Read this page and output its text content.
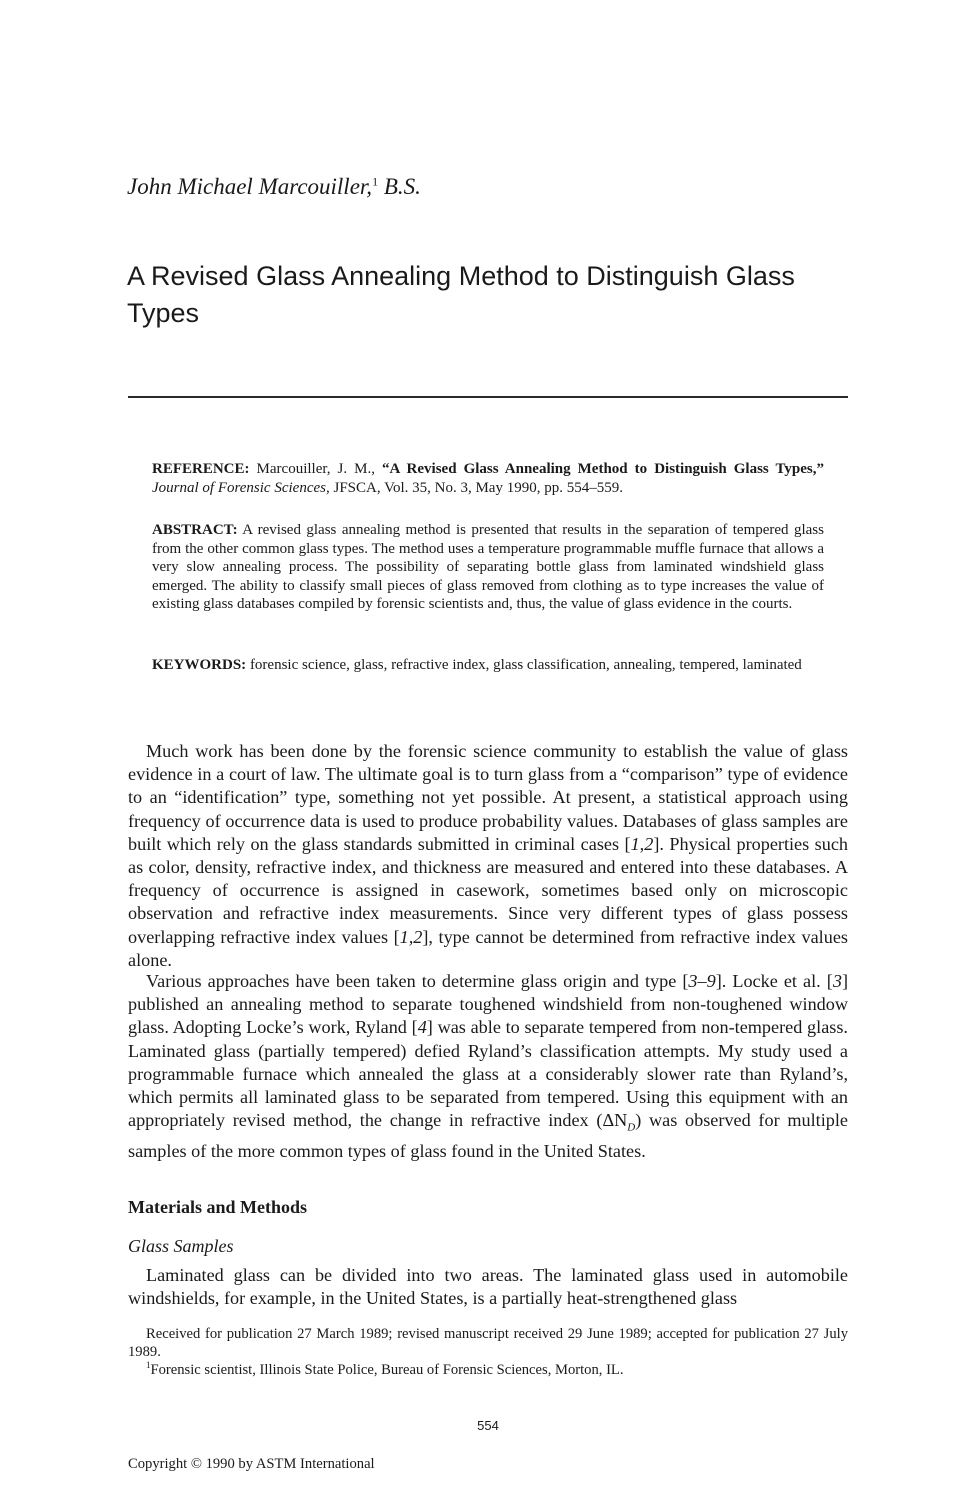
John Michael Marcouiller,$^1$ B.S.
A Revised Glass Annealing Method to Distinguish Glass Types
REFERENCE: Marcouiller, J. M., “A Revised Glass Annealing Method to Distinguish Glass Types,” Journal of Forensic Sciences, JFSCA, Vol. 35, No. 3, May 1990, pp. 554–559.
ABSTRACT: A revised glass annealing method is presented that results in the separation of tempered glass from the other common glass types. The method uses a temperature programmable muffle furnace that allows a very slow annealing process. The possibility of separating bottle glass from laminated windshield glass emerged. The ability to classify small pieces of glass removed from clothing as to type increases the value of existing glass databases compiled by forensic scientists and, thus, the value of glass evidence in the courts.
KEYWORDS: forensic science, glass, refractive index, glass classification, annealing, tempered, laminated

Much work has been done by the forensic science community to establish the value of glass evidence in a court of law. The ultimate goal is to turn glass from a “comparison” type of evidence to an “identification” type, something not yet possible. At present, a statistical approach using frequency of occurrence data is used to produce probability values. Databases of glass samples are built which rely on the glass standards submitted in criminal cases [1,2]. Physical properties such as color, density, refractive index, and thickness are measured and entered into these databases. A frequency of occurrence is assigned in casework, sometimes based only on microscopic observation and refractive index measurements. Since very different types of glass possess overlapping refractive index values [1,2], type cannot be determined from refractive index values alone.

Various approaches have been taken to determine glass origin and type [3–9]. Locke et al. [3] published an annealing method to separate toughened windshield from non-toughened window glass. Adopting Locke’s work, Ryland [4] was able to separate tempered from non-tempered glass. Laminated glass (partially tempered) defied Ryland’s classification attempts. My study used a programmable furnace which annealed the glass at a considerably slower rate than Ryland’s, which permits all laminated glass to be separated from tempered. Using this equipment with an appropriately revised method, the change in refractive index $(\Delta N_D)$ was observed for multiple samples of the more common types of glass found in the United States.

Materials and Methods
Glass Samples

Laminated glass can be divided into two areas. The laminated glass used in automobile windshields, for example, in the United States, is a partially heat-strengthened glass

Received for publication 27 March 1989; revised manuscript received 29 June 1989; accepted for publication 27 July 1989.
$^1$Forensic scientist, Illinois State Police, Bureau of Forensic Sciences, Morton, IL.
554
Copyright © 1990 by ASTM International
